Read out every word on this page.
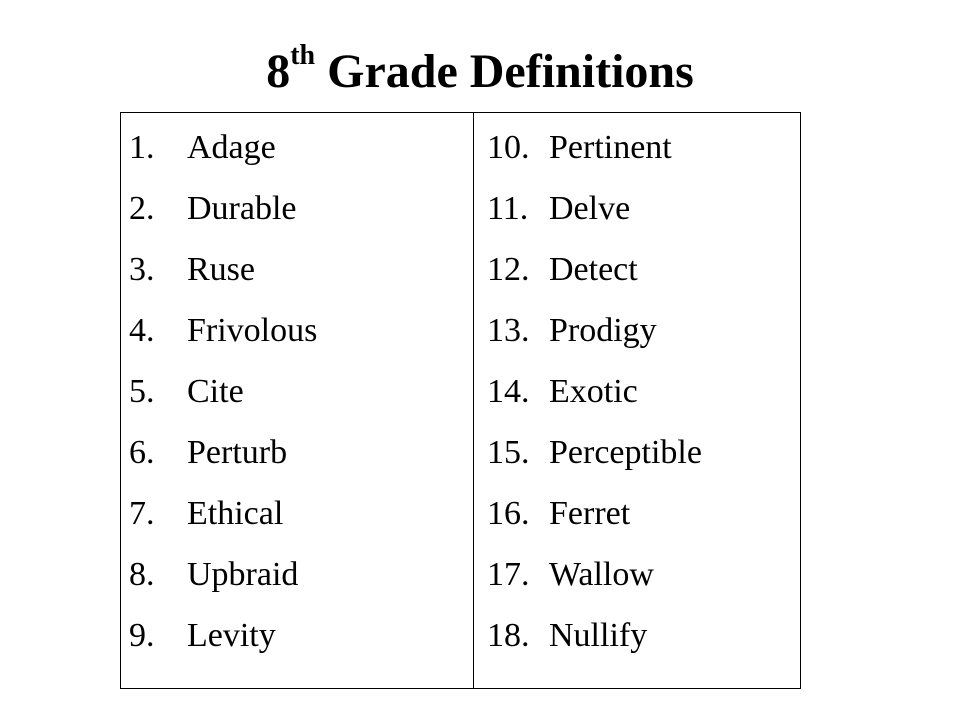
8th Grade Definitions
1. Adage
2. Durable
3. Ruse
4. Frivolous
5. Cite
6. Perturb
7. Ethical
8. Upbraid
9. Levity
10. Pertinent
11. Delve
12. Detect
13. Prodigy
14. Exotic
15. Perceptible
16. Ferret
17. Wallow
18. Nullify
